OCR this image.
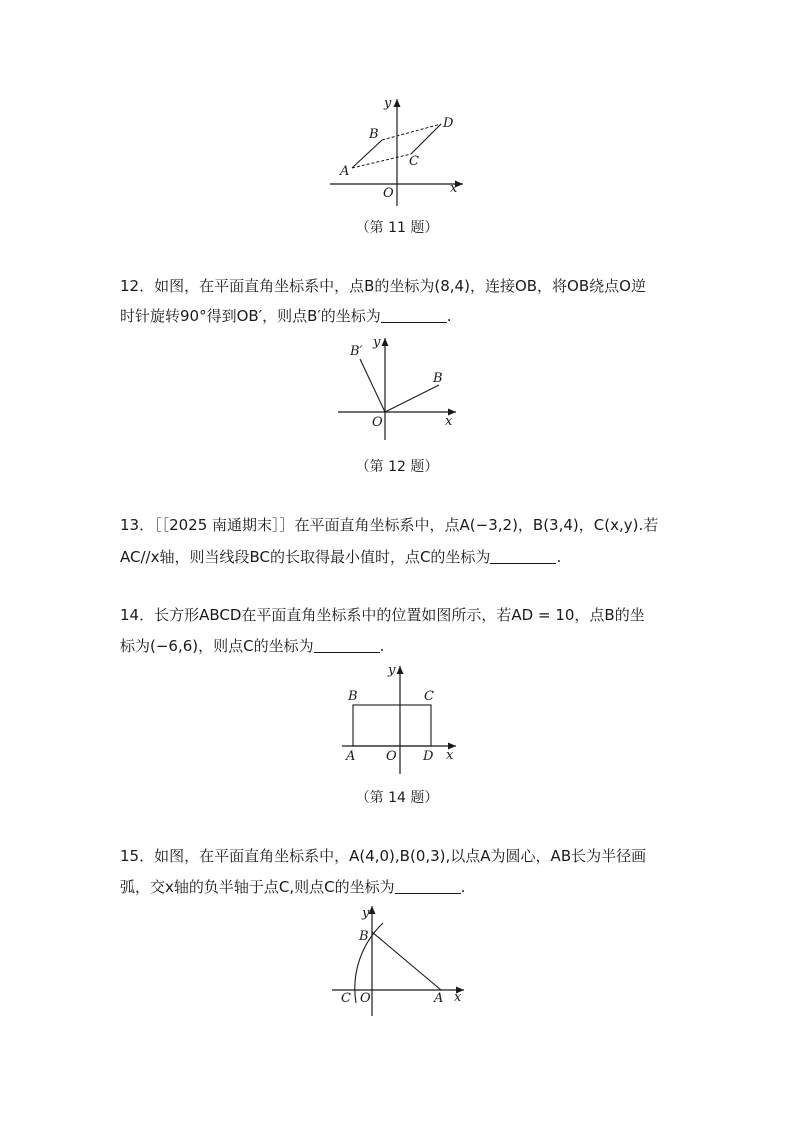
x
y
O
A
B
C
D
（第 11 题）
12．如图，在平面直角坐标系中，点B的坐标为(8,4)，连接OB，将OB绕点O逆
时针旋转90°得到OB′，则点B′的坐标为	.
x
y
O
B
B′
（第 12 题）
13．［［2025 南通期末］］在平面直角坐标系中，点A(−3,2)，B(3,4)，C(x,y).若
AC//x轴，则当线段BC的长取得最小值时，点C的坐标为	.
14．长方形ABCD在平面直角坐标系中的位置如图所示，若AD = 10，点B的坐
标为(−6,6)，则点C的坐标为	.
x
y
O
A
B	C
D
（第 14 题）
15．如图，在平面直角坐标系中，A(4,0),B(0,3),以点A为圆心，AB长为半径画
弧，交x轴的负半轴于点C,则点C的坐标为	.
x
y
O	A
B
C
